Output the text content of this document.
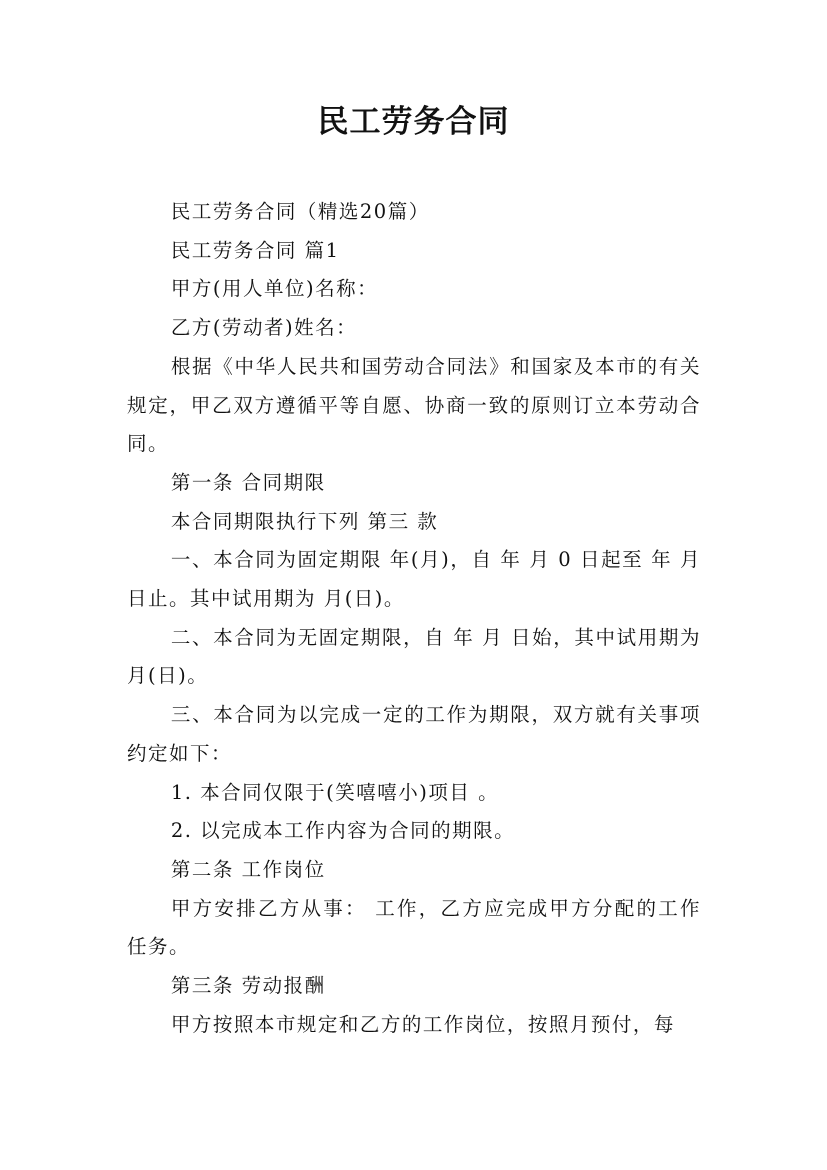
民工劳务合同

民工劳务合同（精选20篇）

民工劳务合同 篇1

甲方(用人单位)名称：

乙方(劳动者)姓名：

根据《中华人民共和国劳动合同法》和国家及本市的有关规定，甲乙双方遵循平等自愿、协商一致的原则订立本劳动合同。

第一条 合同期限

本合同期限执行下列 第三 款

一、本合同为固定期限 年(月)，自 年 月 0 日起至 年 月 日止。其中试用期为 月(日)。

二、本合同为无固定期限，自 年 月 日始，其中试用期为 月(日)。

三、本合同为以完成一定的工作为期限，双方就有关事项约定如下：

1. 本合同仅限于(笑嘻嘻小)项目 。

2. 以完成本工作内容为合同的期限。

第二条 工作岗位

甲方安排乙方从事： 工作，乙方应完成甲方分配的工作任务。

第三条 劳动报酬

甲方按照本市规定和乙方的工作岗位，按照月预付，每
